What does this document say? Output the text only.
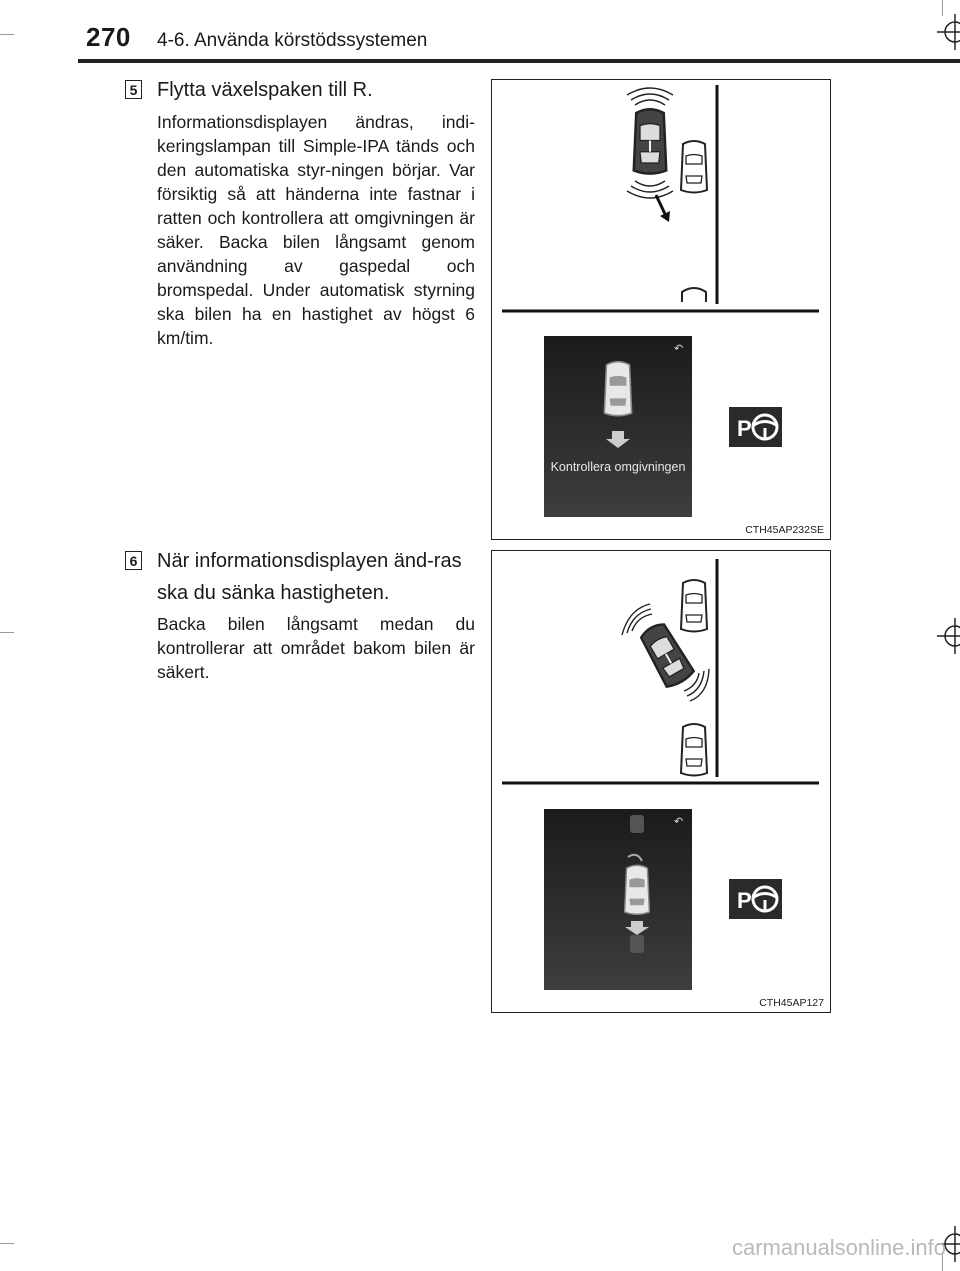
270 4-6. Använda körstödssystemen
5 Flytta växelspaken till R.
Informationsdisplayen ändras, indi-keringslampan till Simple-IPA tänds och den automatiska styr-ningen börjar. Var försiktig så att händerna inte fastnar i ratten och kontrollera att omgivningen är säker. Backa bilen långsamt genom användning av gaspedal och bromspedal. Under automatisk styrning ska bilen ha en hastighet av högst 6 km/tim.
↶
Kontrollera omgivningen
P
CTH45AP232SE
6 När informationsdisplayen änd-ras ska du sänka hastigheten.
Backa bilen långsamt medan du kontrollerar att området bakom bilen är säkert.
↶
P
CTH45AP127
carmanualsonline.info
